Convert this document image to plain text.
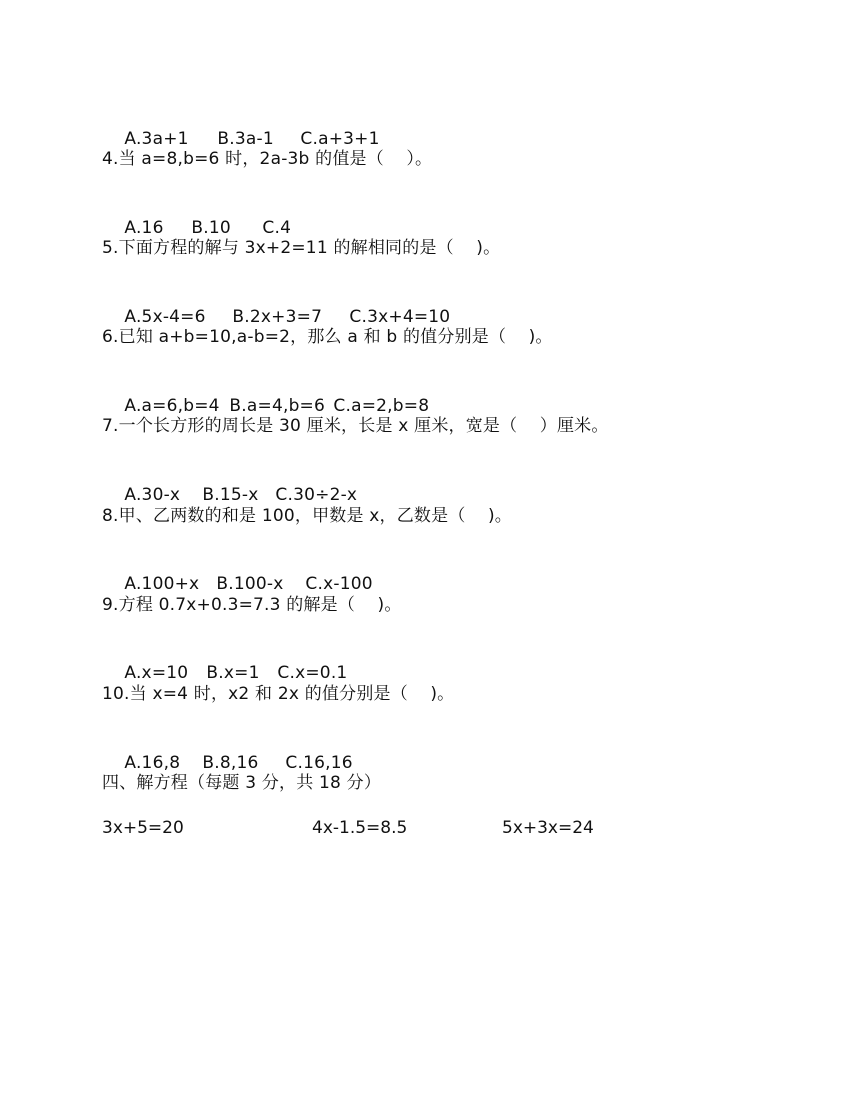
A.3a+1 B.3a-1 C.a+3+1

4.当 a=8,b=6 时，2a-3b 的值是（    ）。

A.16 B.10 C.4

5.下面方程的解与 3x+2=11 的解相同的是（    )。

A.5x-4=6 B.2x+3=7 C.3x+4=10

6.已知 a+b=10,a-b=2，那么 a 和 b 的值分别是（    )。

A.a=6,b=4 B.a=4,b=6 C.a=2,b=8

7.一个长方形的周长是 30 厘米，长是 x 厘米，宽是（    ）厘米。

A.30-x B.15-x C.30÷2-x

8.甲、乙两数的和是 100，甲数是 x，乙数是（    )。

A.100+x B.100-x C.x-100

9.方程 0.7x+0.3=7.3 的解是（    )。

A.x=10 B.x=1 C.x=0.1

10.当 x=4 时，x2 和 2x 的值分别是（    )。

A.16,8 B.8,16 C.16,16

四、解方程（每题 3 分，共 18 分）
3x+5=20	4x-1.5=8.5	5x+3x=24
